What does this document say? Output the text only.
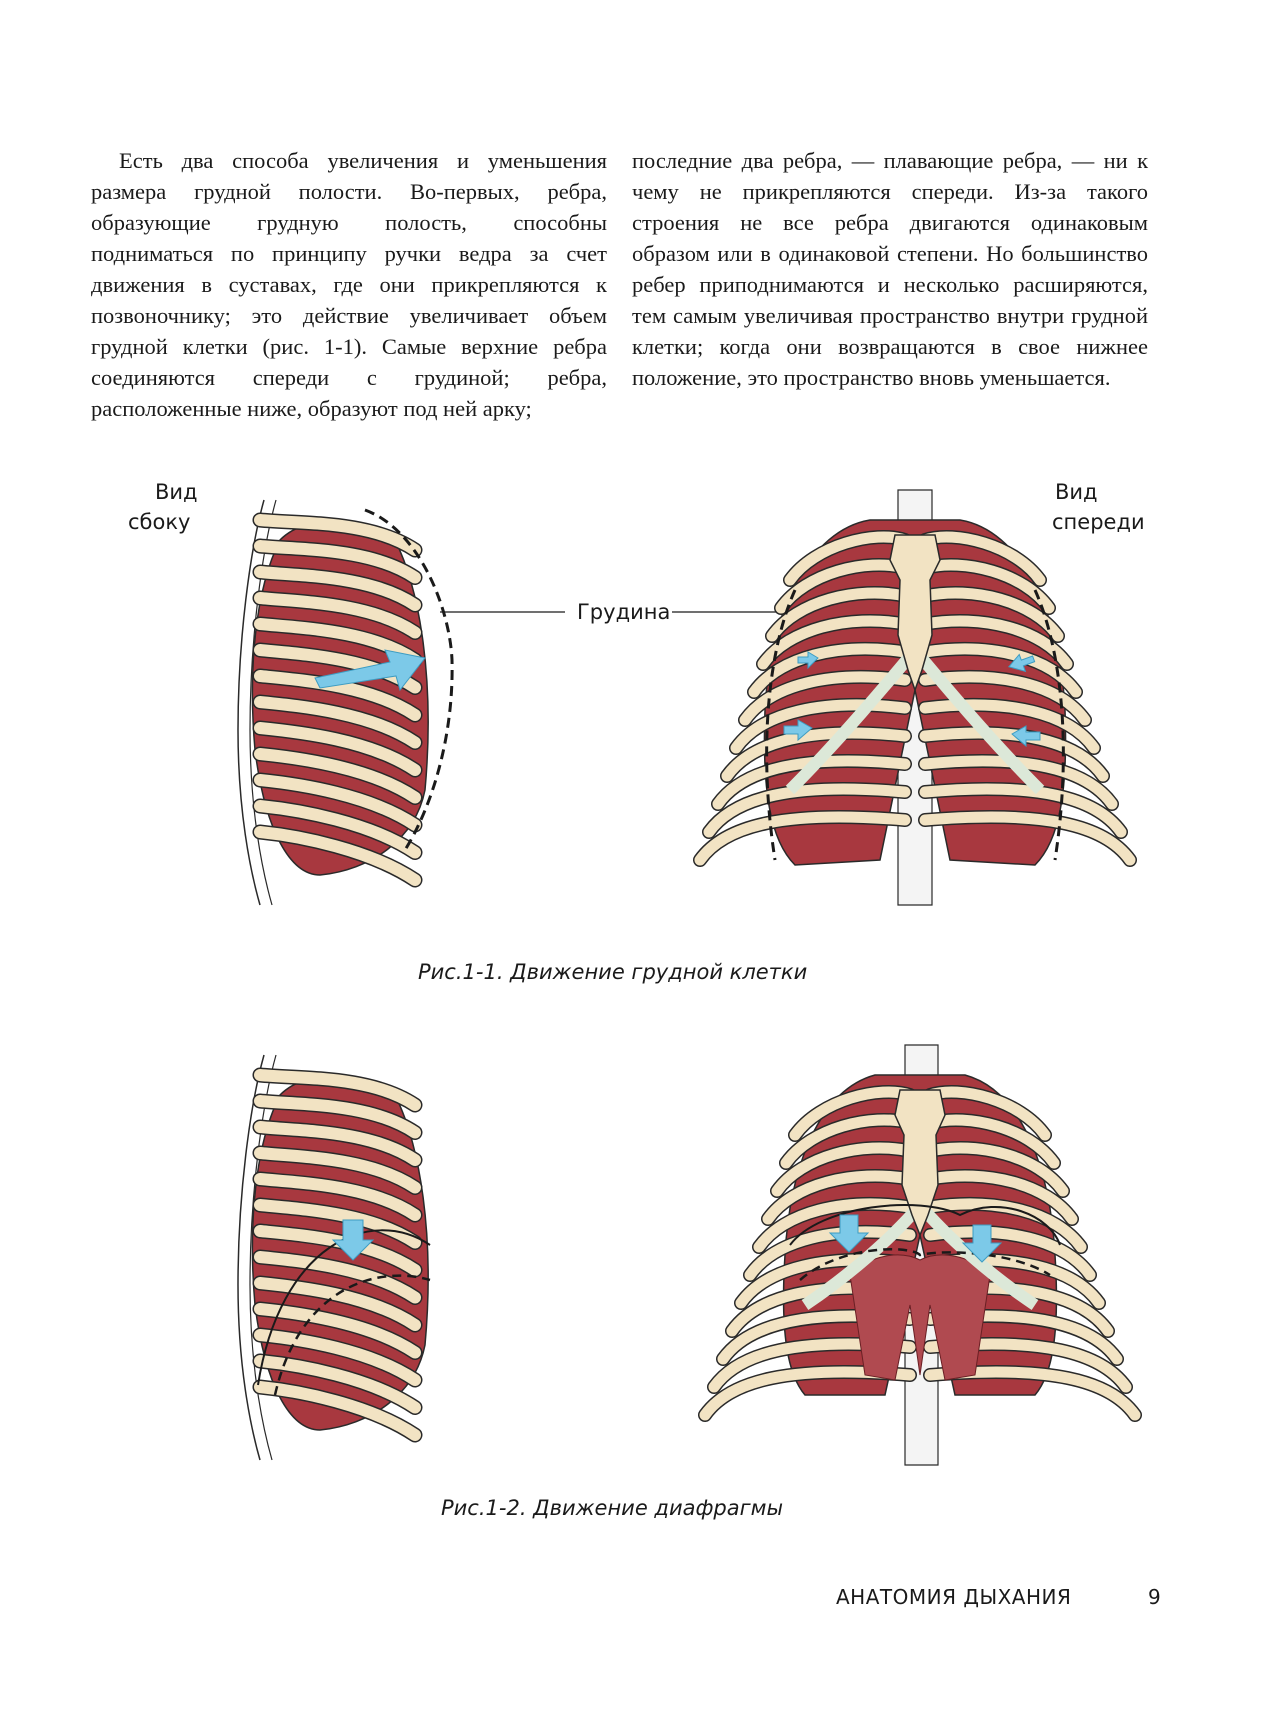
Есть два способа увеличения и уменьшения размера грудной полости. Во-первых, ребра, образующие грудную полость, способны подниматься по принципу ручки ведра за счет движения в суставах, где они прикрепляются к позвоночнику; это действие увеличивает объем грудной клетки (рис. 1-1). Самые верхние ребра соединяются спереди с грудиной; ребра, расположенные ниже, образуют под ней арку;

последние два ребра, — плавающие ребра, — ни к чему не прикрепляются спереди. Из-за такого строения не все ребра двигаются одинаковым образом или в одинаковой степени. Но большинство ребер приподнимаются и несколько расширяются, тем самым увеличивая пространство внутри грудной клетки; когда они возвращаются в свое нижнее положение, это пространство вновь уменьшается.

Вид
сбоку
Вид
спереди
Грудина
Рис.1-1. Движение грудной клетки
Рис.1-2. Движение диафрагмы
АНАТОМИЯ ДЫХАНИЯ	9
